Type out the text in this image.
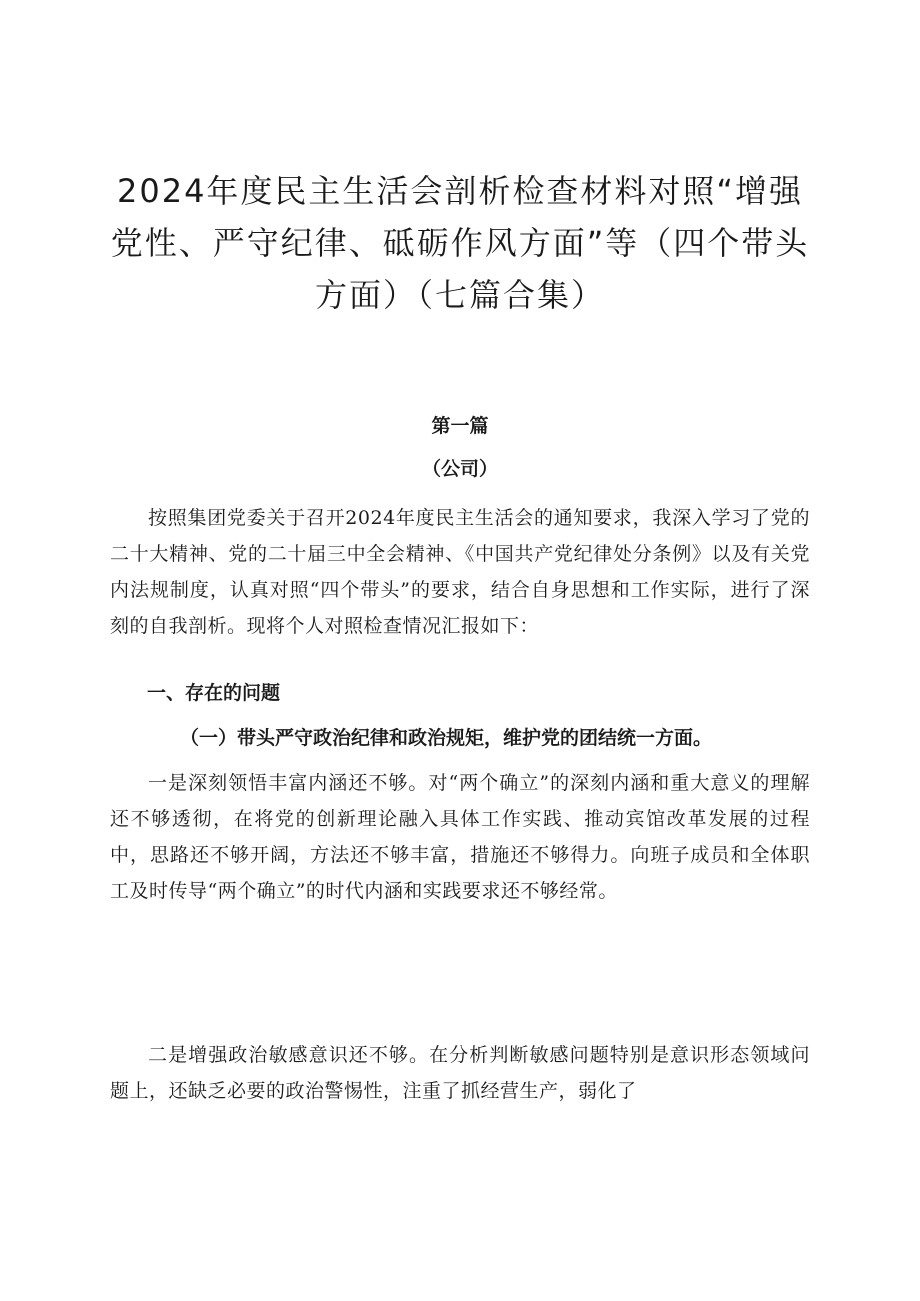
2024年度民主生活会剖析检查材料对照“增强党性、严守纪律、砥砺作风方面”等（四个带头方面）（七篇合集）
第一篇
（公司）

按照集团党委关于召开2024年度民主生活会的通知要求，我深入学习了党的二十大精神、党的二十届三中全会精神、《中国共产党纪律处分条例》以及有关党内法规制度，认真对照“四个带头”的要求，结合自身思想和工作实际，进行了深刻的自我剖析。现将个人对照检查情况汇报如下：

一、存在的问题
（一）带头严守政治纪律和政治规矩，维护党的团结统一方面。

一是深刻领悟丰富内涵还不够。对“两个确立”的深刻内涵和重大意义的理解还不够透彻，在将党的创新理论融入具体工作实践、推动宾馆改革发展的过程中，思路还不够开阔，方法还不够丰富，措施还不够得力。向班子成员和全体职工及时传导“两个确立”的时代内涵和实践要求还不够经常。

二是增强政治敏感意识还不够。在分析判断敏感问题特别是意识形态领域问题上，还缺乏必要的政治警惕性，注重了抓经营生产，弱化了
